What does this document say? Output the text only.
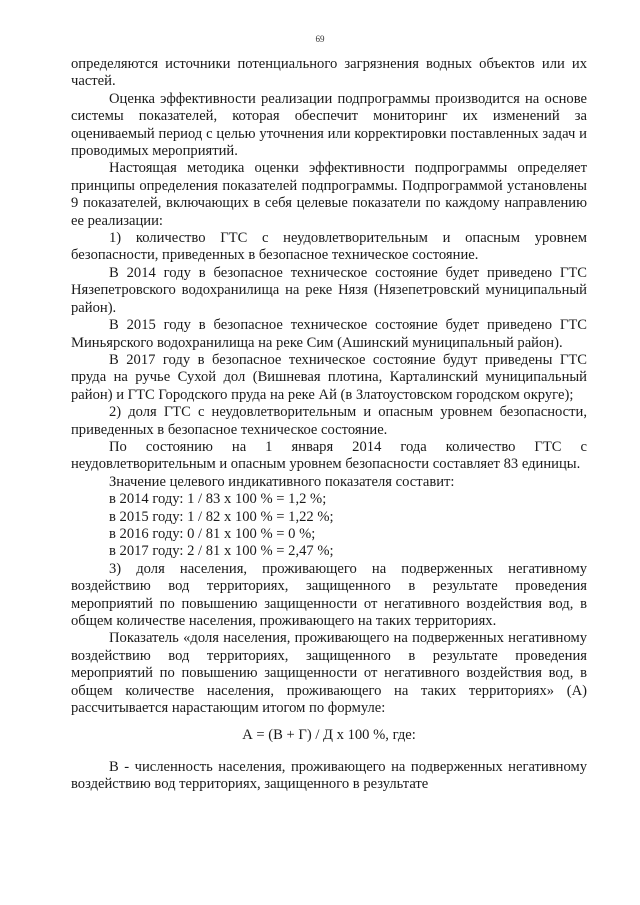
69

определяются источники потенциального загрязнения водных объектов или их частей.

Оценка эффективности реализации подпрограммы производится на основе системы показателей, которая обеспечит мониторинг их изменений за оцениваемый период с целью уточнения или корректировки поставленных задач и проводимых мероприятий.

Настоящая методика оценки эффективности подпрограммы определяет принципы определения показателей подпрограммы. Подпрограммой установлены 9 показателей, включающих в себя целевые показатели по каждому направлению ее реализации:

1) количество ГТС с неудовлетворительным и опасным уровнем безопасности, приведенных в безопасное техническое состояние.

В 2014 году в безопасное техническое состояние будет приведено ГТС Нязепетровского водохранилища на реке Нязя (Нязепетровский муниципальный район).

В 2015 году в безопасное техническое состояние будет приведено ГТС Миньярского водохранилища на реке Сим (Ашинский муниципальный район).

В 2017 году в безопасное техническое состояние будут приведены ГТС пруда на ручье Сухой дол (Вишневая плотина, Карталинский муниципальный район) и ГТС Городского пруда на реке Ай (в Златоустовском городском округе);

2) доля ГТС с неудовлетворительным и опасным уровнем безопасности, приведенных в безопасное техническое состояние.

По состоянию на 1 января 2014 года количество ГТС с неудовлетворительным и опасным уровнем безопасности составляет 83 единицы.

Значение целевого индикативного показателя составит:

в 2014 году: 1 / 83 x 100 % = 1,2 %;

в 2015 году: 1 / 82 x 100 % = 1,22 %;

в 2016 году: 0 / 81 x 100 % = 0 %;

в 2017 году: 2 / 81 x 100 % = 2,47 %;

3) доля населения, проживающего на подверженных негативному воздействию вод территориях, защищенного в результате проведения мероприятий по повышению защищенности от негативного воздействия вод, в общем количестве населения, проживающего на таких территориях.

Показатель «доля населения, проживающего на подверженных негативному воздействию вод территориях, защищенного в результате проведения мероприятий по повышению защищенности от негативного воздействия вод, в общем количестве населения, проживающего на таких территориях» (А) рассчитывается нарастающим итогом по формуле:

А = (В + Г) / Д x 100 %, где:

В - численность населения, проживающего на подверженных негативному воздействию вод территориях, защищенного в результате
